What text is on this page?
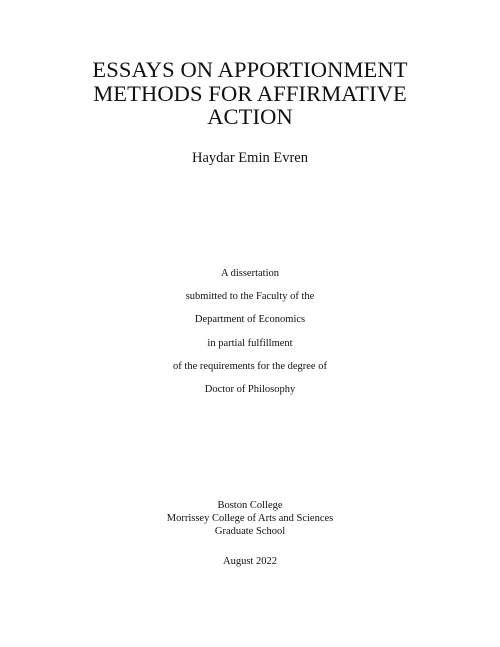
ESSAYS ON APPORTIONMENT
METHODS FOR AFFIRMATIVE
ACTION
Haydar Emin Evren
A dissertation
submitted to the Faculty of the
Department of Economics
in partial fulfillment
of the requirements for the degree of
Doctor of Philosophy
Boston College
Morrissey College of Arts and Sciences
Graduate School
August 2022
